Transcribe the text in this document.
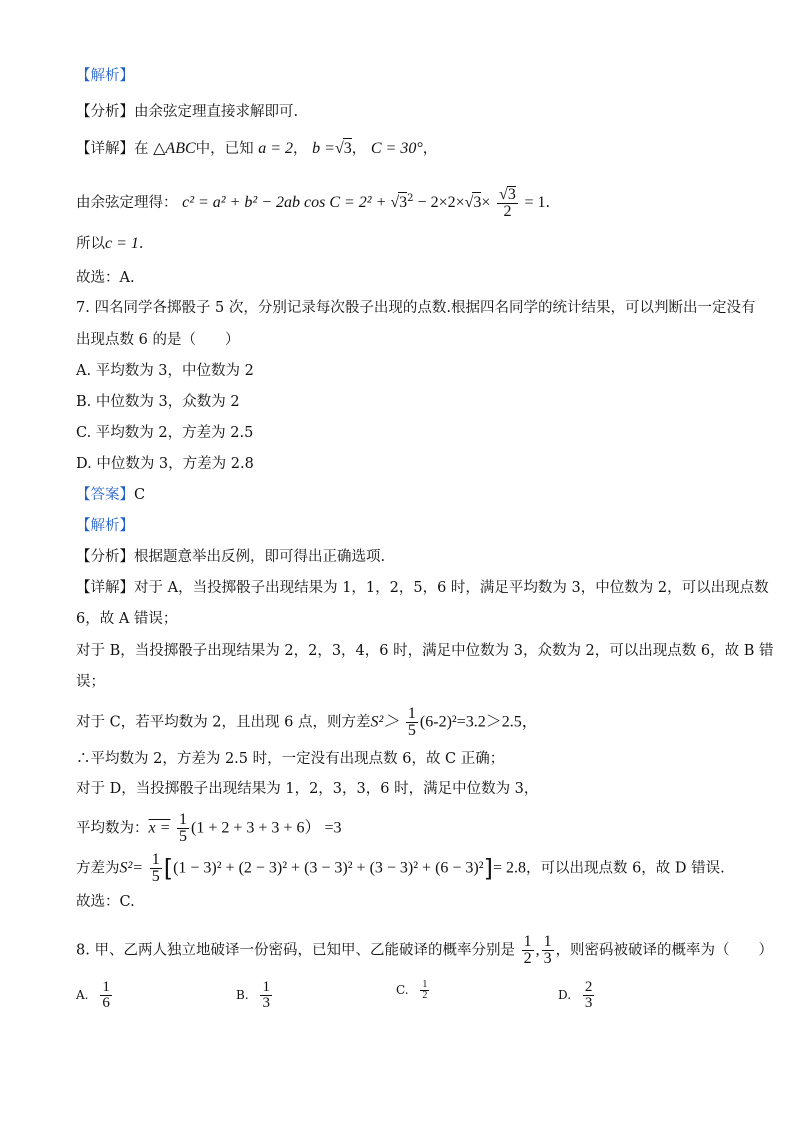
【解析】
【分析】由余弦定理直接求解即可.
【详解】在 △ABC中，已知 a = 2， b =√3， C = 30°，
由余弦定理得： c² = a² + b² − 2ab $\cos C = 2^2 + √3^2 - 2\times 2\times√3\times \frac{√3}{2} = 1$.
所以c = 1.
故选：A.
7. 四名同学各掷骰子 5 次，分别记录每次骰子出现的点数.根据四名同学的统计结果，可以判断出一定没有
出现点数 6 的是（　　）
A. 平均数为 3，中位数为 2
B. 中位数为 3，众数为 2
C. 平均数为 2，方差为 2.5
D. 中位数为 3，方差为 2.8
【答案】C
【解析】
【分析】根据题意举出反例，即可得出正确选项.
【详解】对于 A，当投掷骰子出现结果为 1，1，2，5，6 时，满足平均数为 3，中位数为 2，可以出现点数
6，故 A 错误；
对于 B，当投掷骰子出现结果为 2，2，3，4，6 时，满足中位数为 3，众数为 2，可以出现点数 6，故 B 错
误；
对于 C，若平均数为 2，且出现 6 点，则方差$S^2> \frac{1}{5} (6-2)^2=3.2>2.5$，
∴平均数为 2，方差为 2.5 时，一定没有出现点数 6，故 C 正确；
对于 D，当投掷骰子出现结果为 1，2，3，3，6 时，满足中位数为 3，
平均数为：$x = \frac{1}{5} (1 + 2 + 3 + 3 + 6) =3$
方差为$S^2= \frac{1}{5} [(1 - 3)^2 + (2 - 3)^2 + (3 - 3)^2 + (3 - 3)^2 + (6 - 3)^2]= 2.8$，可以出现点数 6，故 D 错误.
故选：C.
8. 甲、乙两人独立地破译一份密码，已知甲、乙能破译的概率分别是 $\frac{1}{2}$ , $\frac{1}{3}$ ，则密码被破译的概率为（　　）
A. $\frac{1}{6}$	B. $\frac{1}{3}$	C. $\frac{1}{2}$	D. $\frac{2}{3}$
